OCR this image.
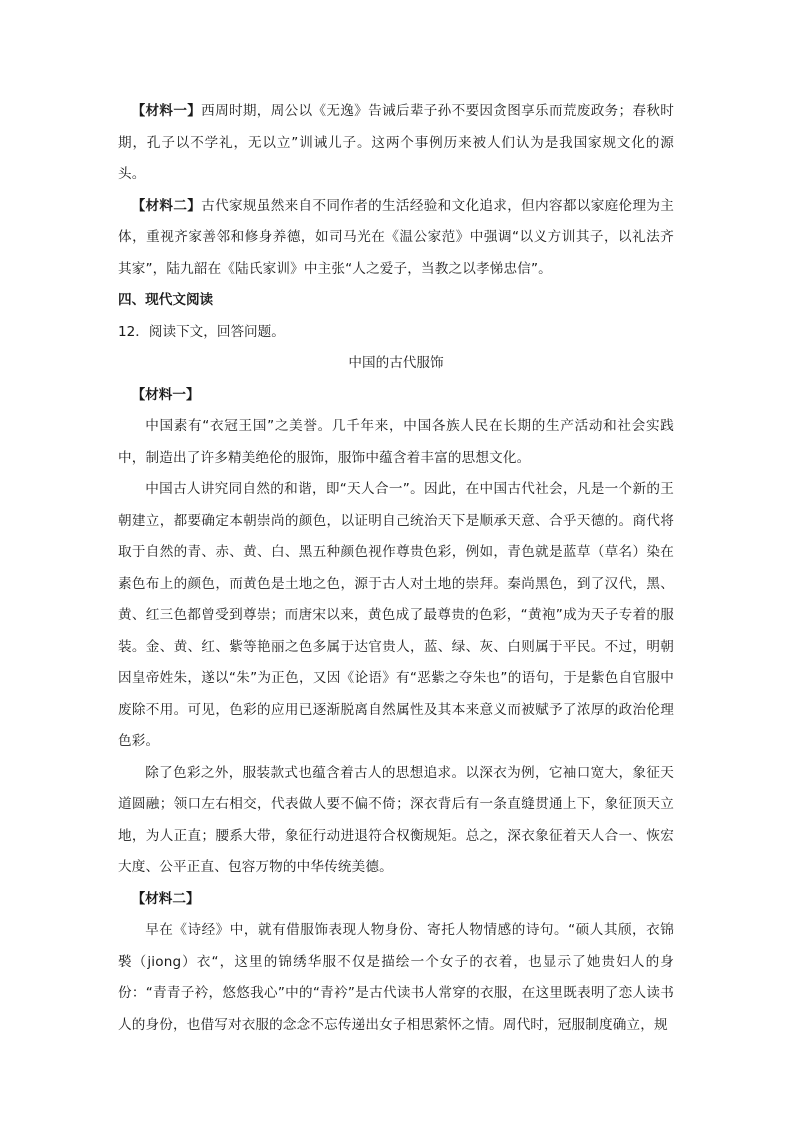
【材料一】西周时期，周公以《无逸》告诫后辈子孙不要因贪图享乐而荒废政务；春秋时期，孔子以不学礼，无以立”训诫儿子。这两个事例历来被人们认为是我国家规文化的源头。

【材料二】古代家规虽然来自不同作者的生活经验和文化追求，但内容都以家庭伦理为主体，重视齐家善邻和修身养德，如司马光在《温公家范》中强调“以义方训其子，以礼法齐其家”，陆九韶在《陆氏家训》中主张“人之爱子，当教之以孝悌忠信”。

四、现代文阅读

12．阅读下文，回答问题。

中国的古代服饰

【材料一】

中国素有“衣冠王国”之美誉。几千年来，中国各族人民在长期的生产活动和社会实践中，制造出了许多精美绝伦的服饰，服饰中蕴含着丰富的思想文化。

中国古人讲究同自然的和谐，即“天人合一”。因此，在中国古代社会，凡是一个新的王朝建立，都要确定本朝崇尚的颜色，以证明自己统治天下是顺承天意、合乎天德的。商代将取于自然的青、赤、黄、白、黑五种颜色视作尊贵色彩，例如，青色就是蓝草（草名）染在素色布上的颜色，而黄色是土地之色，源于古人对土地的崇拜。秦尚黑色，到了汉代，黑、黄、红三色都曾受到尊崇；而唐宋以来，黄色成了最尊贵的色彩，“黄袍”成为天子专着的服装。金、黄、红、紫等艳丽之色多属于达官贵人，蓝、绿、灰、白则属于平民。不过，明朝因皇帝姓朱，遂以“朱”为正色，又因《论语》有“恶紫之夺朱也”的语句，于是紫色自官服中废除不用。可见，色彩的应用已逐渐脱离自然属性及其本来意义而被赋予了浓厚的政治伦理色彩。

除了色彩之外，服装款式也蕴含着古人的思想追求。以深衣为例，它袖口宽大，象征天道圆融；领口左右相交，代表做人要不偏不倚；深衣背后有一条直缝贯通上下，象征顶天立地，为人正直；腰系大带，象征行动进退符合权衡规矩。总之，深衣象征着天人合一、恢宏大度、公平正直、包容万物的中华传统美德。

【材料二】

早在《诗经》中，就有借服饰表现人物身份、寄托人物情感的诗句。“硕人其颀，衣锦褧（jiong）衣“，这里的锦绣华服不仅是描绘一个女子的衣着，也显示了她贵妇人的身份：“青青子衿，悠悠我心”中的“青衿”是古代读书人常穿的衣服，在这里既表明了恋人读书人的身份，也借写对衣服的念念不忘传递出女子相思萦怀之情。周代时，冠服制度确立，规
